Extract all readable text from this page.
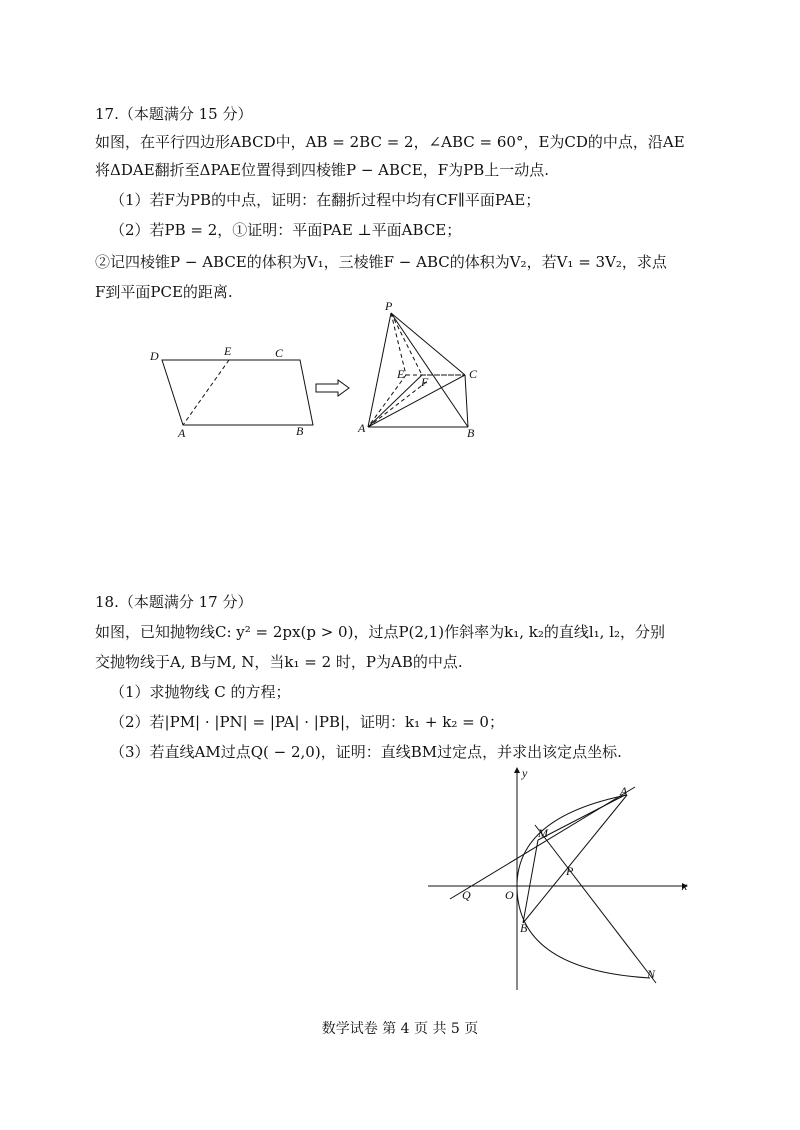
17.（本题满分 15 分）
如图，在平行四边形ABCD中，AB = 2BC = 2，∠ABC = 60°，E为CD的中点，沿AE
将ΔDAE翻折至ΔPAE位置得到四棱锥P − ABCE，F为PB上一动点.
（1）若F为PB的中点，证明：在翻折过程中均有CF∥平面PAE；
（2）若PB = 2，①证明：平面PAE ⊥平面ABCE；
②记四棱锥P − ABCE的体积为V₁，三棱锥F − ABC的体积为V₂，若V₁ = 3V₂，求点
F到平面PCE的距离.
D	E	C
A	B
P
E
F
C
A	B
18.（本题满分 17 分）
如图，已知抛物线C: y² = 2px(p > 0)，过点P(2,1)作斜率为k₁, k₂的直线l₁, l₂，分别
交抛物线于A, B与M, N，当k₁ = 2 时，P为AB的中点.
（1）求抛物线 C 的方程；
（2）若|PM| · |PN| = |PA| · |PB|，证明：k₁ + k₂ = 0；
（3）若直线AM过点Q( − 2,0)，证明：直线BM过定点，并求出该定点坐标.
y
x
A
M
P
Q	O
B
N
数学试卷 第 4 页 共 5 页
